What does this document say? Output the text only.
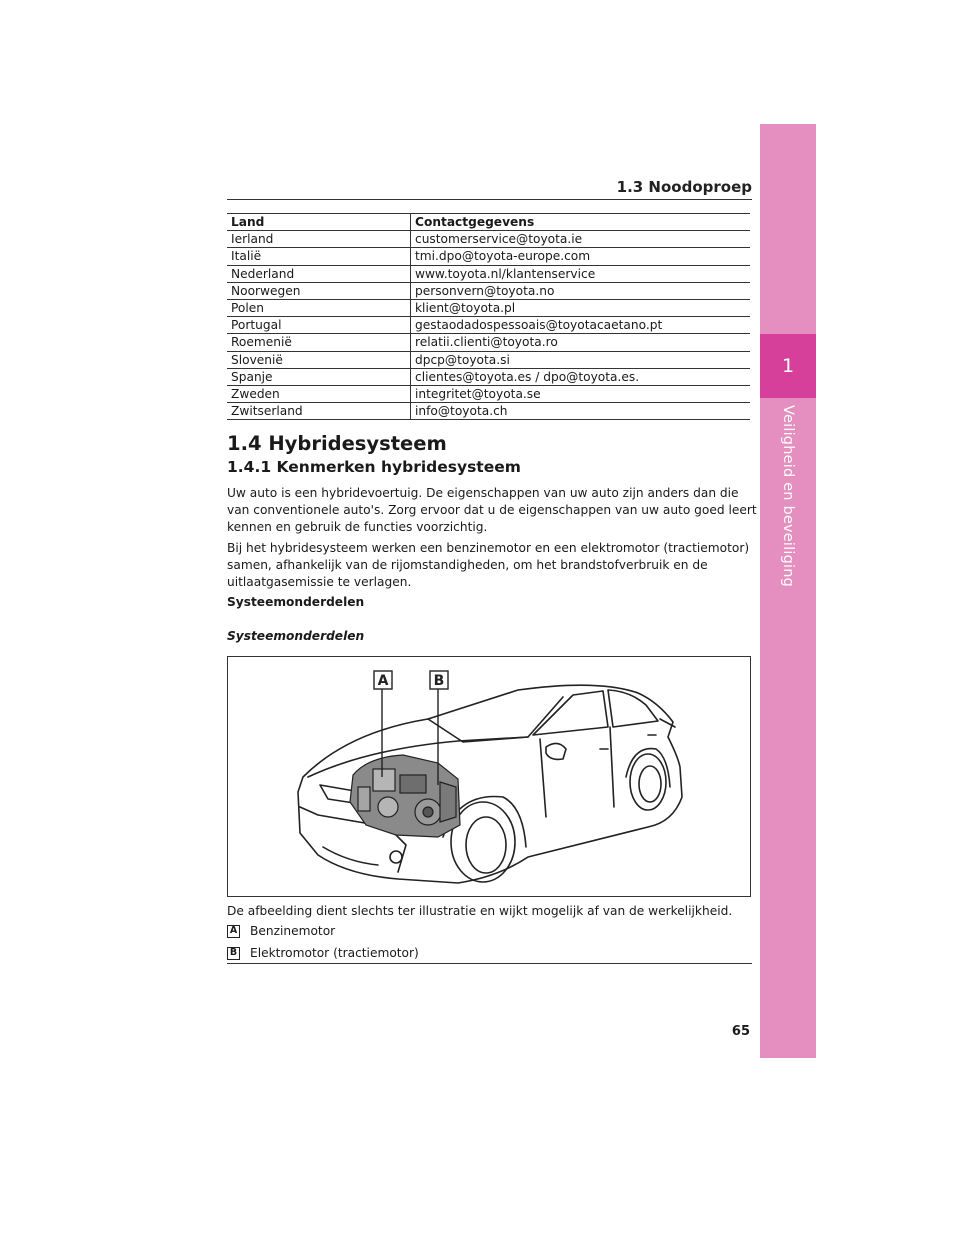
1
Veiligheid en beveiliging
1.3 Noodoproep
Land	Contactgegevens
Ierland	customerservice@toyota.ie
Italië	tmi.dpo@toyota-europe.com
Nederland	www.toyota.nl/klantenservice
Noorwegen	personvern@toyota.no
Polen	klient@toyota.pl
Portugal	gestaodadospessoais@toyotacaetano.pt
Roemenië	relatii.clienti@toyota.ro
Slovenië	dpcp@toyota.si
Spanje	clientes@toyota.es / dpo@toyota.es.
Zweden	integritet@toyota.se
Zwitserland	info@toyota.ch
1.4 Hybridesysteem
1.4.1 Kenmerken hybridesysteem

Uw auto is een hybridevoertuig. De eigenschappen van uw auto zijn anders dan die van conventionele auto's. Zorg ervoor dat u de eigenschappen van uw auto goed leert kennen en gebruik de functies voorzichtig.

Bij het hybridesysteem werken een benzinemotor en een elektromotor (tractiemotor) samen, afhankelijk van de rijomstandigheden, om het brandstofverbruik en de uitlaatgasemissie te verlagen.

Systeemonderdelen

Systeemonderdelen

A	B

De afbeelding dient slechts ter illustratie en wijkt mogelijk af van de werkelijkheid.

A Benzinemotor
B Elektromotor (tractiemotor)
65
